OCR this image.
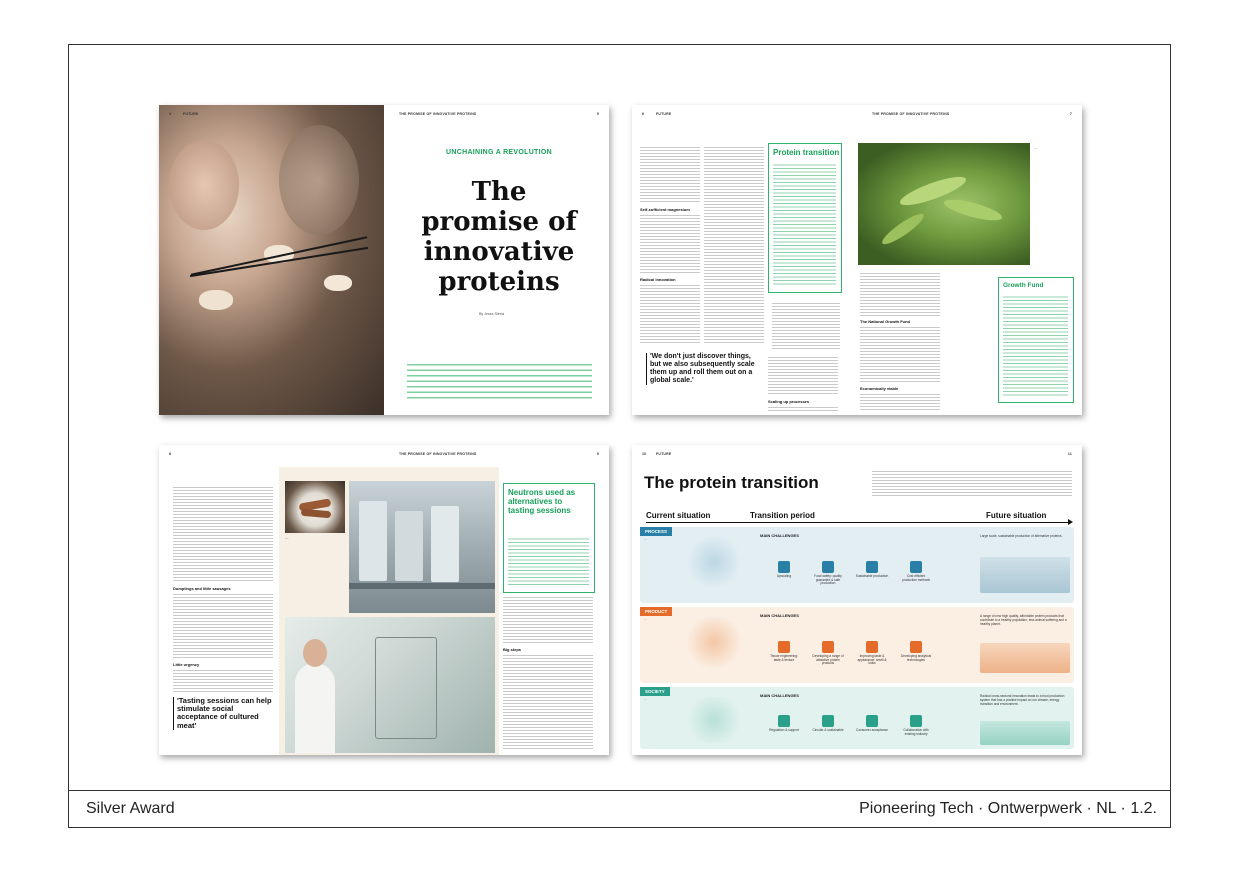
Silver Award	Pioneering Tech · Ontwerpwerk · NL · 1.2.
4	FUTURE	THE PROMISE OF INNOVATIVE PROTEINS	5
UNCHAINING A REVOLUTION
The
promise of
innovative
proteins
By Jesse Sierra
6	FUTURE	THE PROMISE OF INNOVATIVE PROTEINS	7
Self-sufficient magnesium
Radical innovation
Protein transition	···
'We don't just discover things, but we also subsequently scale them up and roll them out on a global scale.'
Scaling up processes
The National Growth Fund
Economically viable
Growth Fund
8	THE PROMISE OF INNOVATIVE PROTEINS	9
Dumplings and little sausages
Little urgency
'Tasting sessions can help stimulate social acceptance of cultured meat'
···
Neutrons used as alternatives to tasting sessions
Big steps
10	FUTURE	11
The protein transition
Current situation	Transition period	Future situation
PROCESS
···
MAIN CHALLENGES
Upscaling	Food safety: quality guarantee & safe production
Sustainable production	Cost efficient production methods
Large scale, sustainable production of alternative proteins.
PRODUCT
···
MAIN CHALLENGES
Tissue engineering: taste & texture
Developing a range of attractive protein products
Improving taste & appearance: smell & looks
Developing analytical technologies
A range of new high quality, affordable protein products that contribute to a healthy population, less animal suffering and a healthy planet.
SOCIETY
···
MAIN CHALLENGES
Regulation & support	Circular & sustainable	Consumer acceptance	Collaboration with existing industry
Radical cross-sectoral innovation leads to a food production system that has a positive impact on our climate, energy transition and environment.
